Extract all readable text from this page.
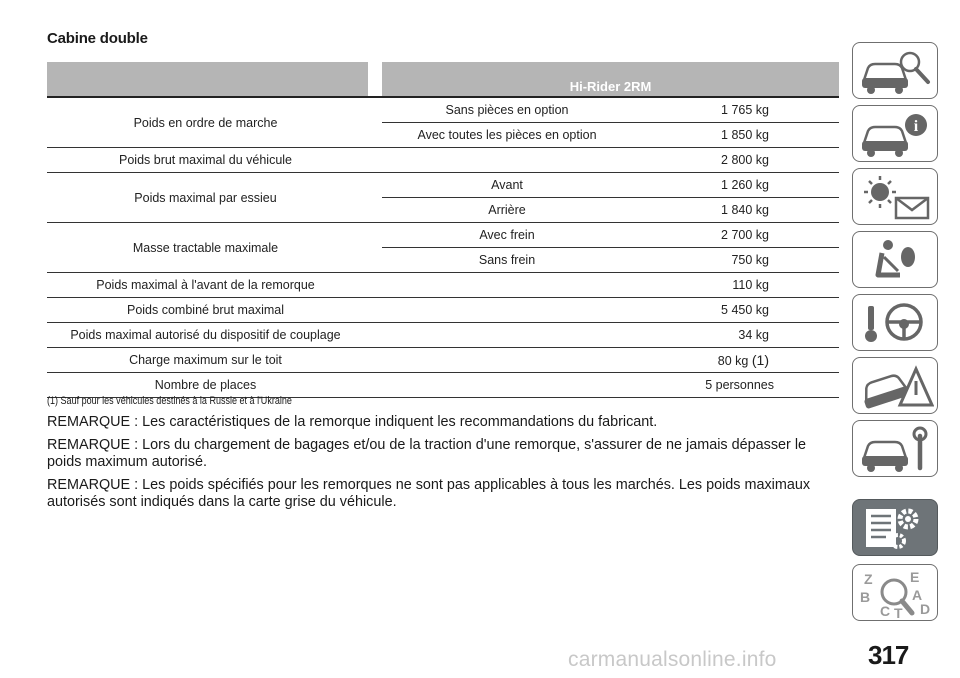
Cabine double
		Hi-Rider 2RM	
Poids en ordre de marche		Sans pièces en option	1 765 kg
		Avec toutes les pièces en option	1 850 kg
Poids brut maximal du véhicule			2 800 kg
Poids maximal par essieu		Avant	1 260 kg
		Arrière	1 840 kg
Masse tractable maximale		Avec frein	2 700 kg
		Sans frein	750 kg
Poids maximal à l'avant de la remorque			110 kg
Poids combiné brut maximal			5 450 kg
Poids maximal autorisé du dispositif de couplage			34 kg
Charge maximum sur le toit			80 kg (1)
Nombre de places			5 personnes
(1) Sauf pour les véhicules destinés à la Russie et à l'Ukraine

REMARQUE : Les caractéristiques de la remorque indiquent les recommandations du fabricant.

REMARQUE : Lors du chargement de bagages et/ou de la traction d'une remorque, s'assurer de ne jamais dépasser le poids maximum autorisé.

REMARQUE : Les poids spécifiés pour les remorques ne sont pas applicables à tous les marchés. Les poids maximaux autorisés sont indiqués dans la carte grise du véhicule.

i
Z	E
B	A
C D
T
carmanualsonline.info	317
